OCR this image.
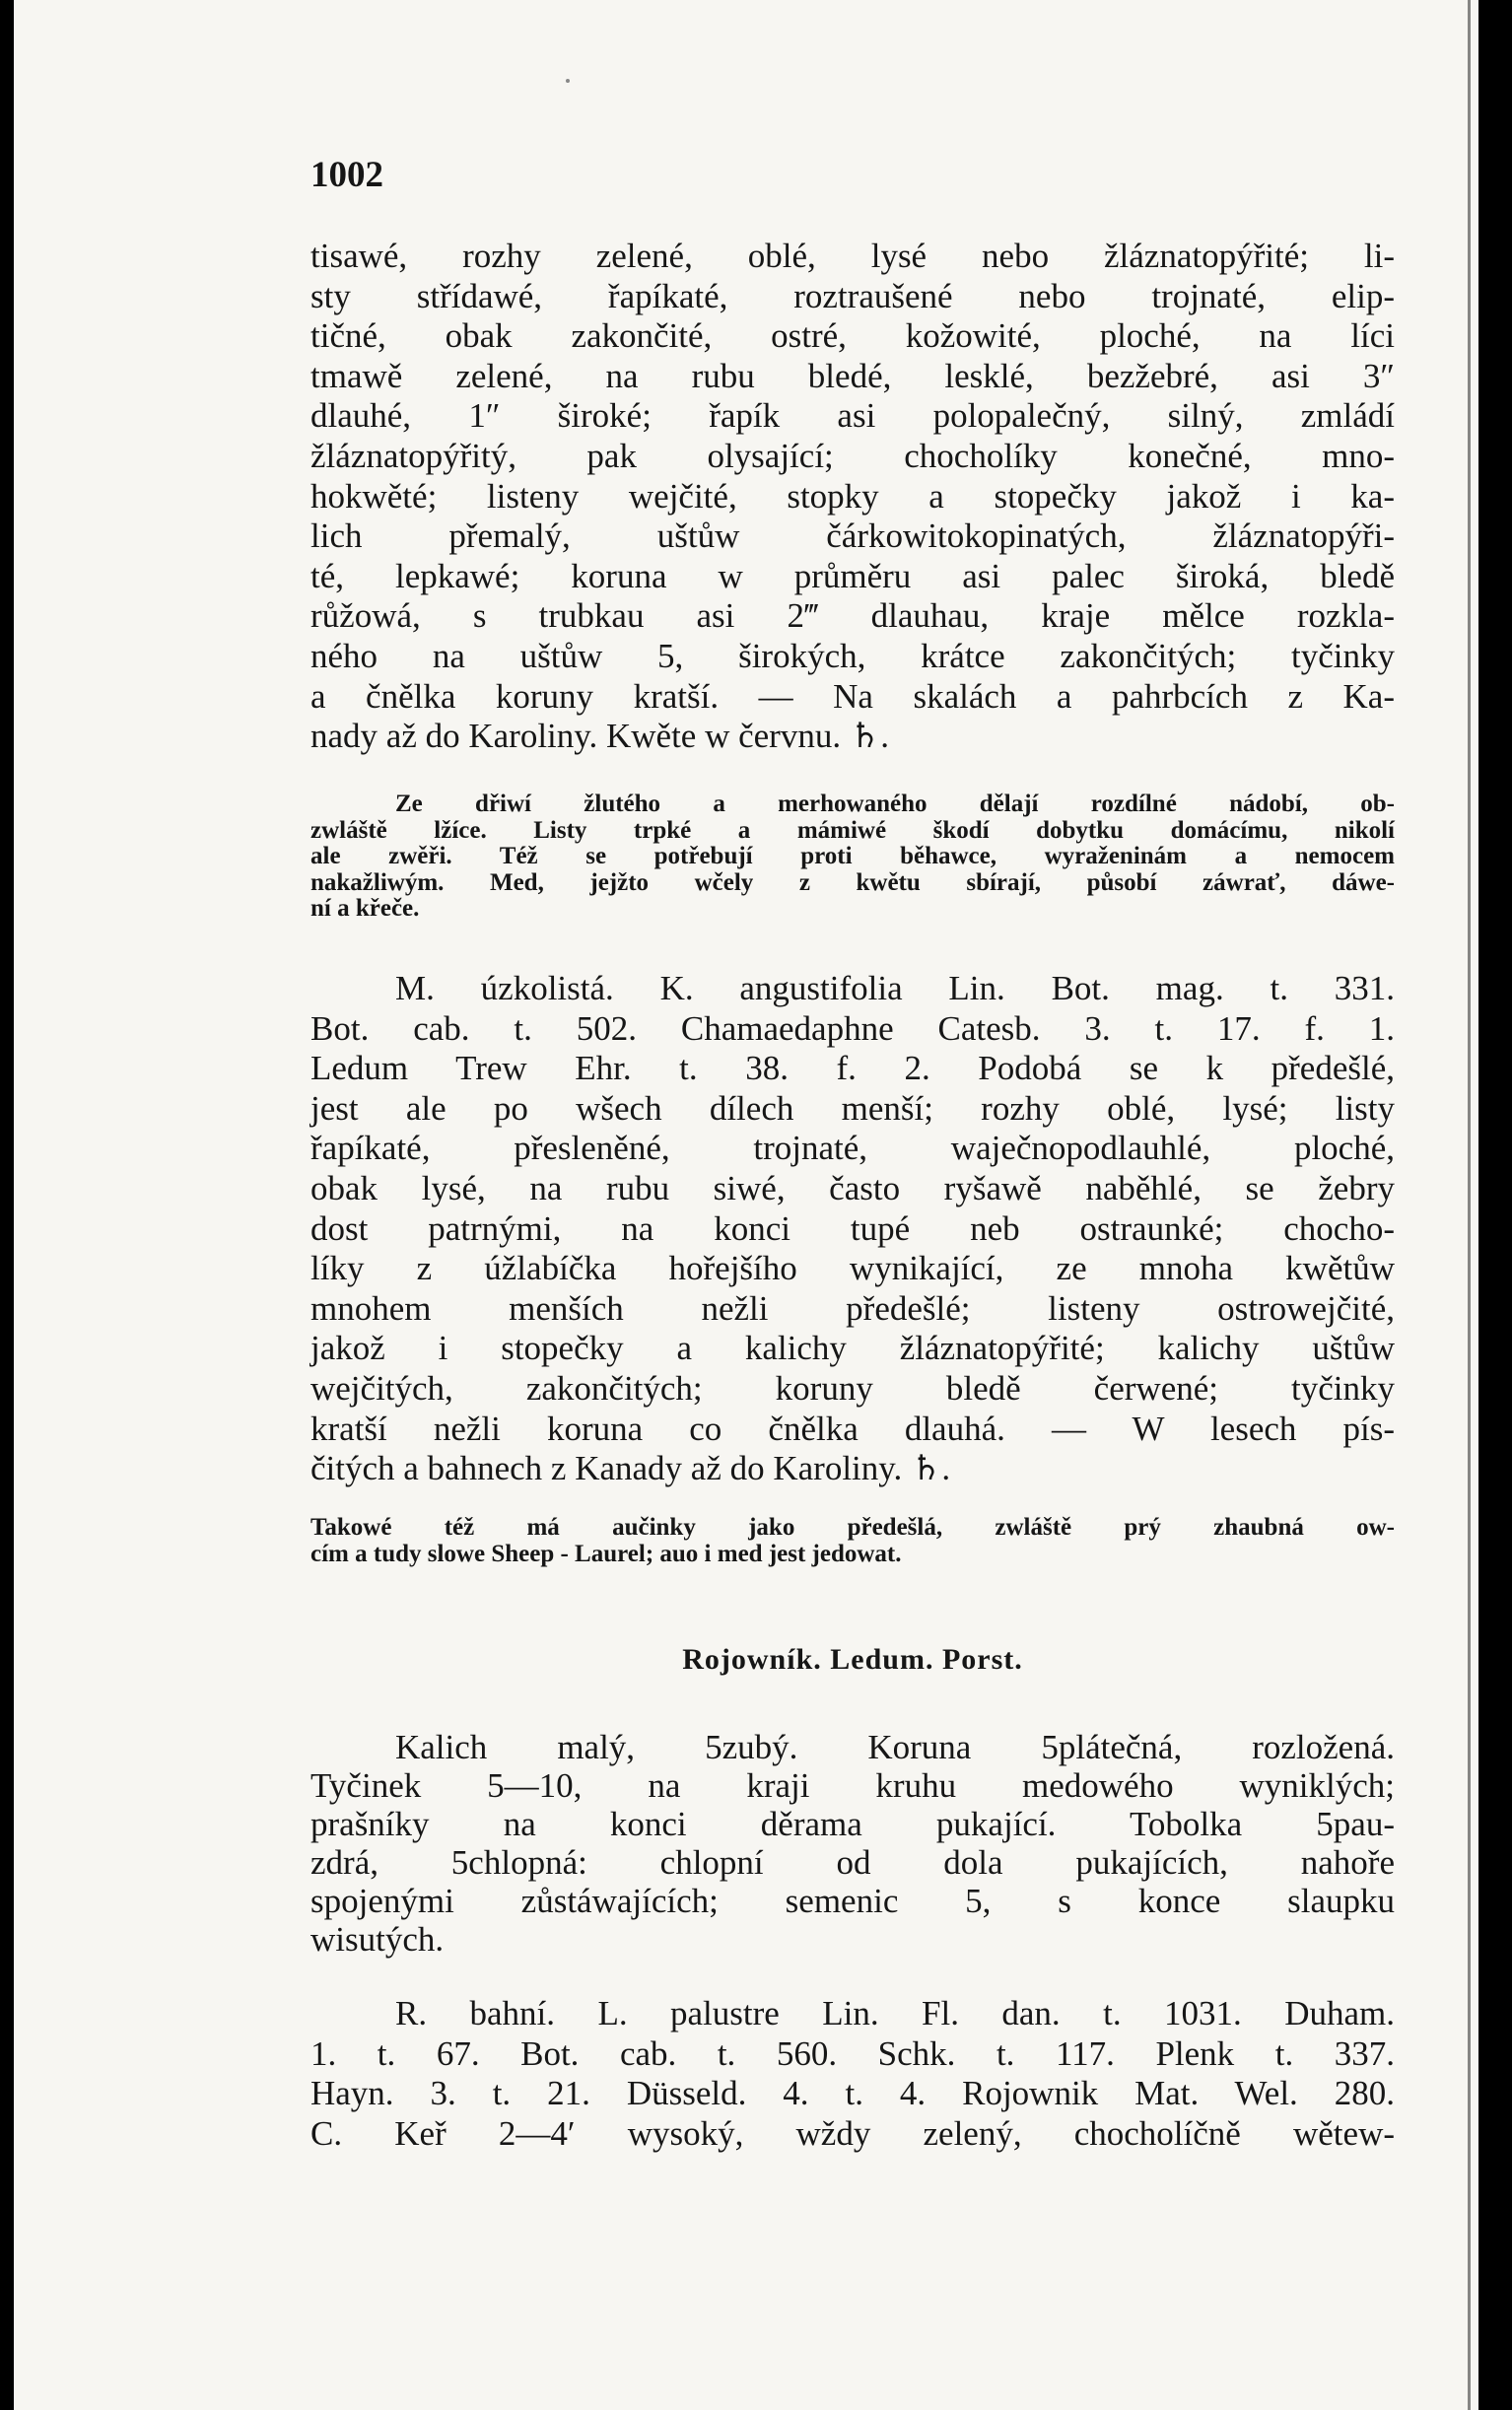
1002
tisawé, rozhy zelené, oblé, lysé nebo žláznatopýřité; li-
sty střídawé, řapíkaté, roztraušené nebo trojnaté, elip-
tičné, obak zakončité, ostré, kožowité, ploché, na líci
tmawě zelené, na rubu bledé, lesklé, bezžebré, asi 3″
dlauhé, 1″ široké; řapík asi polopalečný, silný, zmládí
žláznatopýřitý, pak olysající; chocholíky konečné, mno-
hokwěté; listeny wejčité, stopky a stopečky jakož i ka-
lich přemalý, uštůw čárkowitokopinatých, žláznatopýři-
té, lepkawé; koruna w průměru asi palec široká, bledě
růžowá, s trubkau asi 2‴ dlauhau, kraje mělce rozkla-
ného na uštůw 5, širokých, krátce zakončitých; tyčinky
a čnělka koruny kratší. — Na skalách a pahrbcích z Ka-
nady až do Karoliny. Kwěte w červnu. ♄.
Ze dřiwí žlutého a merhowaného dělají rozdílné nádobí, ob-
zwláště lžíce. Listy trpké a mámiwé škodí dobytku domácímu, nikolí
ale zwěři. Též se potřebují proti běhawce, wyraženinám a nemocem
nakažliwým. Med, jejžto wčely z kwětu sbírají, působí záwrať, dáwe-
ní a křeče.
M. úzkolistá. K. angustifolia Lin. Bot. mag. t. 331.
Bot. cab. t. 502. Chamaedaphne Catesb. 3. t. 17. f. 1.
Ledum Trew Ehr. t. 38. f. 2. Podobá se k předešlé,
jest ale po wšech dílech menší; rozhy oblé, lysé; listy
řapíkaté, přesleněné, trojnaté, waječnopodlauhlé, ploché,
obak lysé, na rubu siwé, často ryšawě naběhlé, se žebry
dost patrnými, na konci tupé neb ostraunké; chocho-
líky z úžlabíčka hořejšího wynikající, ze mnoha kwětůw
mnohem menších nežli předešlé; listeny ostrowejčité,
jakož i stopečky a kalichy žláznatopýřité; kalichy uštůw
wejčitých, zakončitých; koruny bledě čerwené; tyčinky
kratší nežli koruna co čnělka dlauhá. — W lesech pís-
čitých a bahnech z Kanady až do Karoliny. ♄.
Takowé též má aučinky jako předešlá, zwláště prý zhaubná ow-
cím a tudy slowe Sheep - Laurel; auo i med jest jedowat.
Rojowník. Ledum. Porst.
Kalich malý, 5zubý. Koruna 5plátečná, rozložená.
Tyčinek 5—10, na kraji kruhu medowého wyniklých;
prašníky na konci děrama pukající. Tobolka 5pau-
zdrá, 5chlopná: chlopní od dola pukajících, nahoře
spojenými zůstáwajících; semenic 5, s konce slaupku
wisutých.
R. bahní. L. palustre Lin. Fl. dan. t. 1031. Duham.
1. t. 67. Bot. cab. t. 560. Schk. t. 117. Plenk t. 337.
Hayn. 3. t. 21. Düsseld. 4. t. 4. Rojownik Mat. Wel. 280.
C. Keř 2—4′ wysoký, wždy zelený, chocholíčně wětew-
